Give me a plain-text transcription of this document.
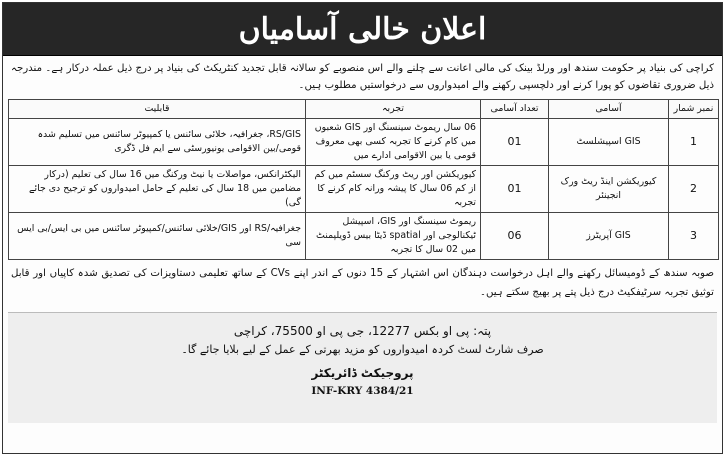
اعلان خالی آسامیاں
کراچی کی بنیاد پر حکومت سندھ اور ورلڈ بینک کی مالی اعانت سے چلنے والے اس منصوبے کو سالانہ قابل تجدید کنٹریکٹ کی بنیاد پر درج ذیل عملہ درکار ہے۔ مندرجہ ذیل ضروری تقاضوں کو پورا کرنے اور دلچسپی رکھنے والے امیدواروں سے درخواستیں مطلوب ہیں۔
نمبر شمار	آسامی	تعداد آسامی	تجربہ	قابلیت
1	GIS اسپیشلسٹ	01	06 سال ریموٹ سینسنگ اور GIS شعبوں میں کام کرنے کا تجربہ کسی بھی معروف قومی یا بین الاقوامی ادارے میں	RS/GIS، جغرافیہ، خلائی سائنس یا کمپیوٹر سائنس میں تسلیم شدہ قومی/بین الاقوامی یونیورسٹی سے ایم فل ڈگری
2	کیوریکشن اینڈ ریٹ ورک انجینئر	01	کیوریکشن اور ریٹ ورکنگ سسٹم میں کم از کم 06 سال کا پیشہ ورانہ کام کرنے کا تجربہ	الیکٹرانکس، مواصلات یا نیٹ ورکنگ میں 16 سال کی تعلیم (درکار مضامین میں 18 سال کی تعلیم کے حامل امیدواروں کو ترجیح دی جائے گی)
3	GIS آپریٹرز	06	ریموٹ سینسنگ اور GIS، اسپیشل ٹیکنالوجی اور spatial ڈیٹا بیس ڈویلپمنٹ میں 02 سال کا تجربہ	جغرافیہ/RS اور GIS/خلائی سائنس/کمپیوٹر سائنس میں بی ایس/بی ایس سی
صوبہ سندھ کے ڈومیسائل رکھنے والے اہل درخواست دہندگان اس اشتہار کے 15 دنوں کے اندر اپنے CVs کے ساتھ تعلیمی دستاویزات کی تصدیق شدہ کاپیاں اور قابل توثیق تجربہ سرٹیفکیٹ درج ذیل پتے پر بھیج سکتے ہیں۔
پتہ: پی او بکس 12277، جی پی او 75500، کراچی
صرف شارٹ لسٹ کردہ امیدواروں کو مزید بھرتی کے عمل کے لیے بلایا جائے گا۔
پروجیکٹ ڈائریکٹر
INF-KRY 4384/21
